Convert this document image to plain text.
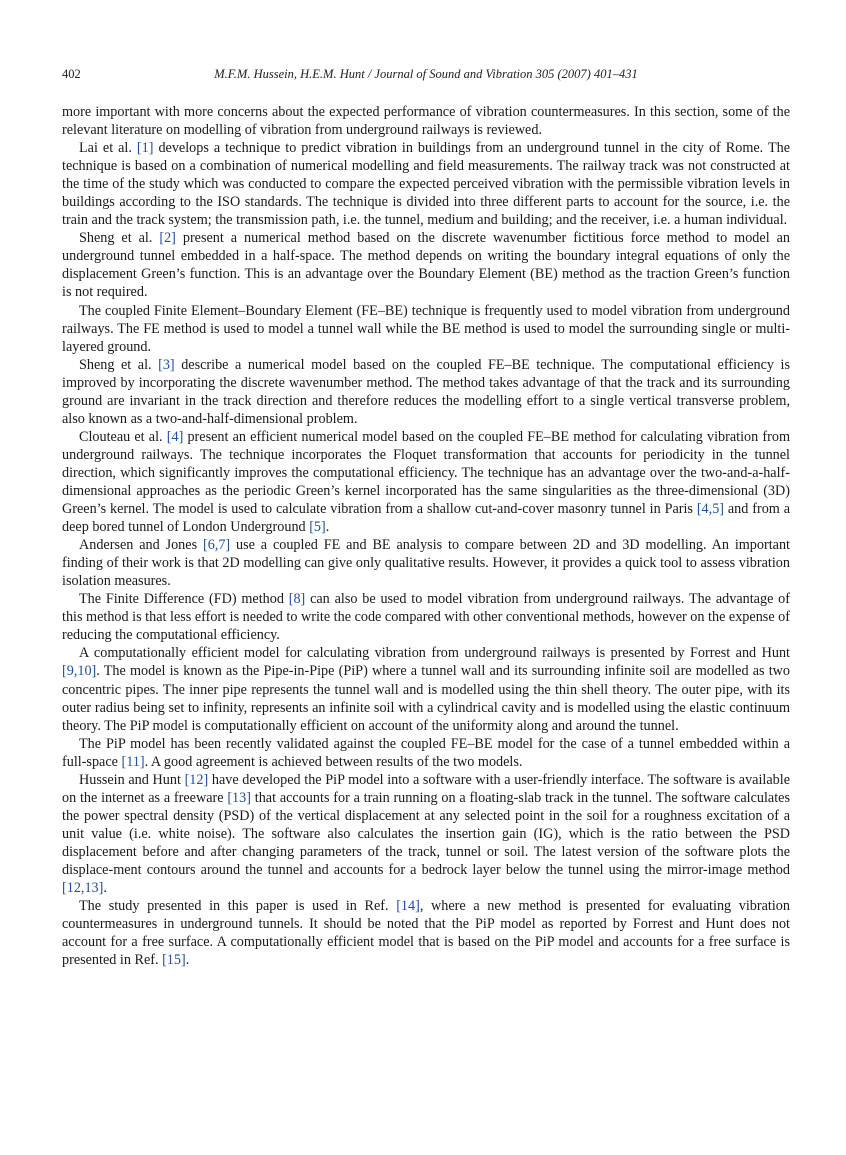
402	M.F.M. Hussein, H.E.M. Hunt / Journal of Sound and Vibration 305 (2007) 401–431

more important with more concerns about the expected performance of vibration countermeasures. In this section, some of the relevant literature on modelling of vibration from underground railways is reviewed.

Lai et al. [1] develops a technique to predict vibration in buildings from an underground tunnel in the city of Rome. The technique is based on a combination of numerical modelling and field measurements. The railway track was not constructed at the time of the study which was conducted to compare the expected perceived vibration with the permissible vibration levels in buildings according to the ISO standards. The technique is divided into three different parts to account for the source, i.e. the train and the track system; the transmission path, i.e. the tunnel, medium and building; and the receiver, i.e. a human individual.

Sheng et al. [2] present a numerical method based on the discrete wavenumber fictitious force method to model an underground tunnel embedded in a half-space. The method depends on writing the boundary integral equations of only the displacement Green’s function. This is an advantage over the Boundary Element (BE) method as the traction Green’s function is not required.

The coupled Finite Element–Boundary Element (FE–BE) technique is frequently used to model vibration from underground railways. The FE method is used to model a tunnel wall while the BE method is used to model the surrounding single or multi-layered ground.

Sheng et al. [3] describe a numerical model based on the coupled FE–BE technique. The computational efficiency is improved by incorporating the discrete wavenumber method. The method takes advantage of that the track and its surrounding ground are invariant in the track direction and therefore reduces the modelling effort to a single vertical transverse problem, also known as a two-and-half-dimensional problem.

Clouteau et al. [4] present an efficient numerical model based on the coupled FE–BE method for calculating vibration from underground railways. The technique incorporates the Floquet transformation that accounts for periodicity in the tunnel direction, which significantly improves the computational efficiency. The technique has an advantage over the two-and-a-half-dimensional approaches as the periodic Green’s kernel incorporated has the same singularities as the three-dimensional (3D) Green’s kernel. The model is used to calculate vibration from a shallow cut-and-cover masonry tunnel in Paris [4,5] and from a deep bored tunnel of London Underground [5].

Andersen and Jones [6,7] use a coupled FE and BE analysis to compare between 2D and 3D modelling. An important finding of their work is that 2D modelling can give only qualitative results. However, it provides a quick tool to assess vibration isolation measures.

The Finite Difference (FD) method [8] can also be used to model vibration from underground railways. The advantage of this method is that less effort is needed to write the code compared with other conventional methods, however on the expense of reducing the computational efficiency.

A computationally efficient model for calculating vibration from underground railways is presented by Forrest and Hunt [9,10]. The model is known as the Pipe-in-Pipe (PiP) where a tunnel wall and its surrounding infinite soil are modelled as two concentric pipes. The inner pipe represents the tunnel wall and is modelled using the thin shell theory. The outer pipe, with its outer radius being set to infinity, represents an infinite soil with a cylindrical cavity and is modelled using the elastic continuum theory. The PiP model is computationally efficient on account of the uniformity along and around the tunnel.

The PiP model has been recently validated against the coupled FE–BE model for the case of a tunnel embedded within a full-space [11]. A good agreement is achieved between results of the two models.

Hussein and Hunt [12] have developed the PiP model into a software with a user-friendly interface. The software is available on the internet as a freeware [13] that accounts for a train running on a floating-slab track in the tunnel. The software calculates the power spectral density (PSD) of the vertical displacement at any selected point in the soil for a roughness excitation of a unit value (i.e. white noise). The software also calculates the insertion gain (IG), which is the ratio between the PSD displacement before and after changing parameters of the track, tunnel or soil. The latest version of the software plots the displace-ment contours around the tunnel and accounts for a bedrock layer below the tunnel using the mirror-image method [12,13].

The study presented in this paper is used in Ref. [14], where a new method is presented for evaluating vibration countermeasures in underground tunnels. It should be noted that the PiP model as reported by Forrest and Hunt does not account for a free surface. A computationally efficient model that is based on the PiP model and accounts for a free surface is presented in Ref. [15].
